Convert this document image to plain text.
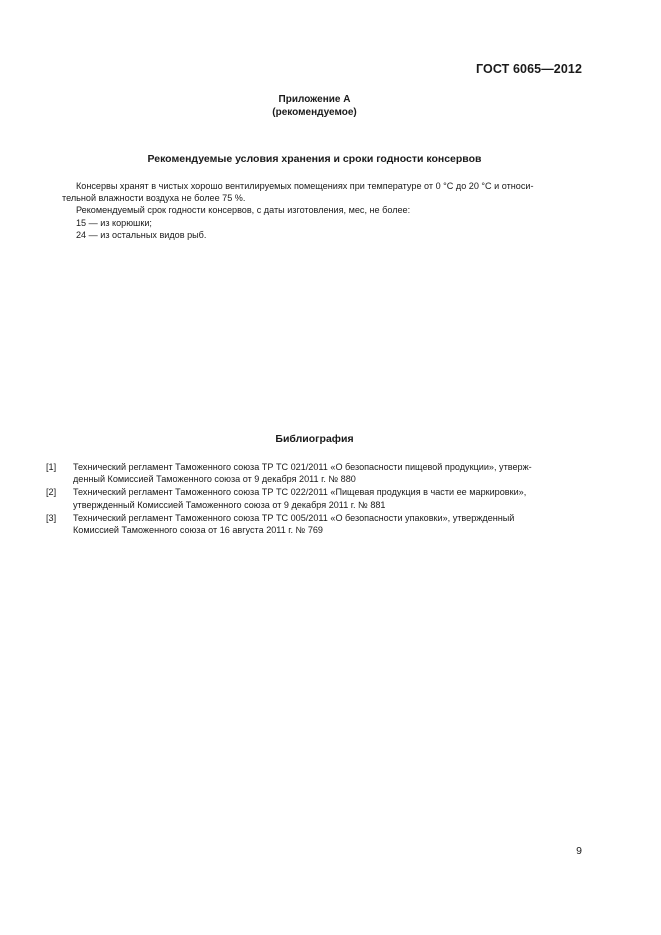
ГОСТ 6065—2012
Приложение А
(рекомендуемое)
Рекомендуемые условия хранения и сроки годности консервов
Консервы хранят в чистых хорошо вентилируемых помещениях при температуре от 0 °С до 20 °С и относи-
тельной влажности воздуха не более 75 %.
Рекомендуемый срок годности консервов, с даты изготовления, мес, не более:
15 — из корюшки;
24 — из остальных видов рыб.
Библиография
[1]	Технический регламент Таможенного союза ТР ТС 021/2011 «О безопасности пищевой продукции», утверж-
денный Комиссией Таможенного союза от 9 декабря 2011 г. № 880
[2]	Технический регламент Таможенного союза ТР ТС 022/2011 «Пищевая продукция в части ее маркировки»,
утвержденный Комиссией Таможенного союза от 9 декабря 2011 г. № 881
[3]	Технический регламент Таможенного союза ТР ТС 005/2011 «О безопасности упаковки», утвержденный
Комиссией Таможенного союза от 16 августа 2011 г. № 769
9
